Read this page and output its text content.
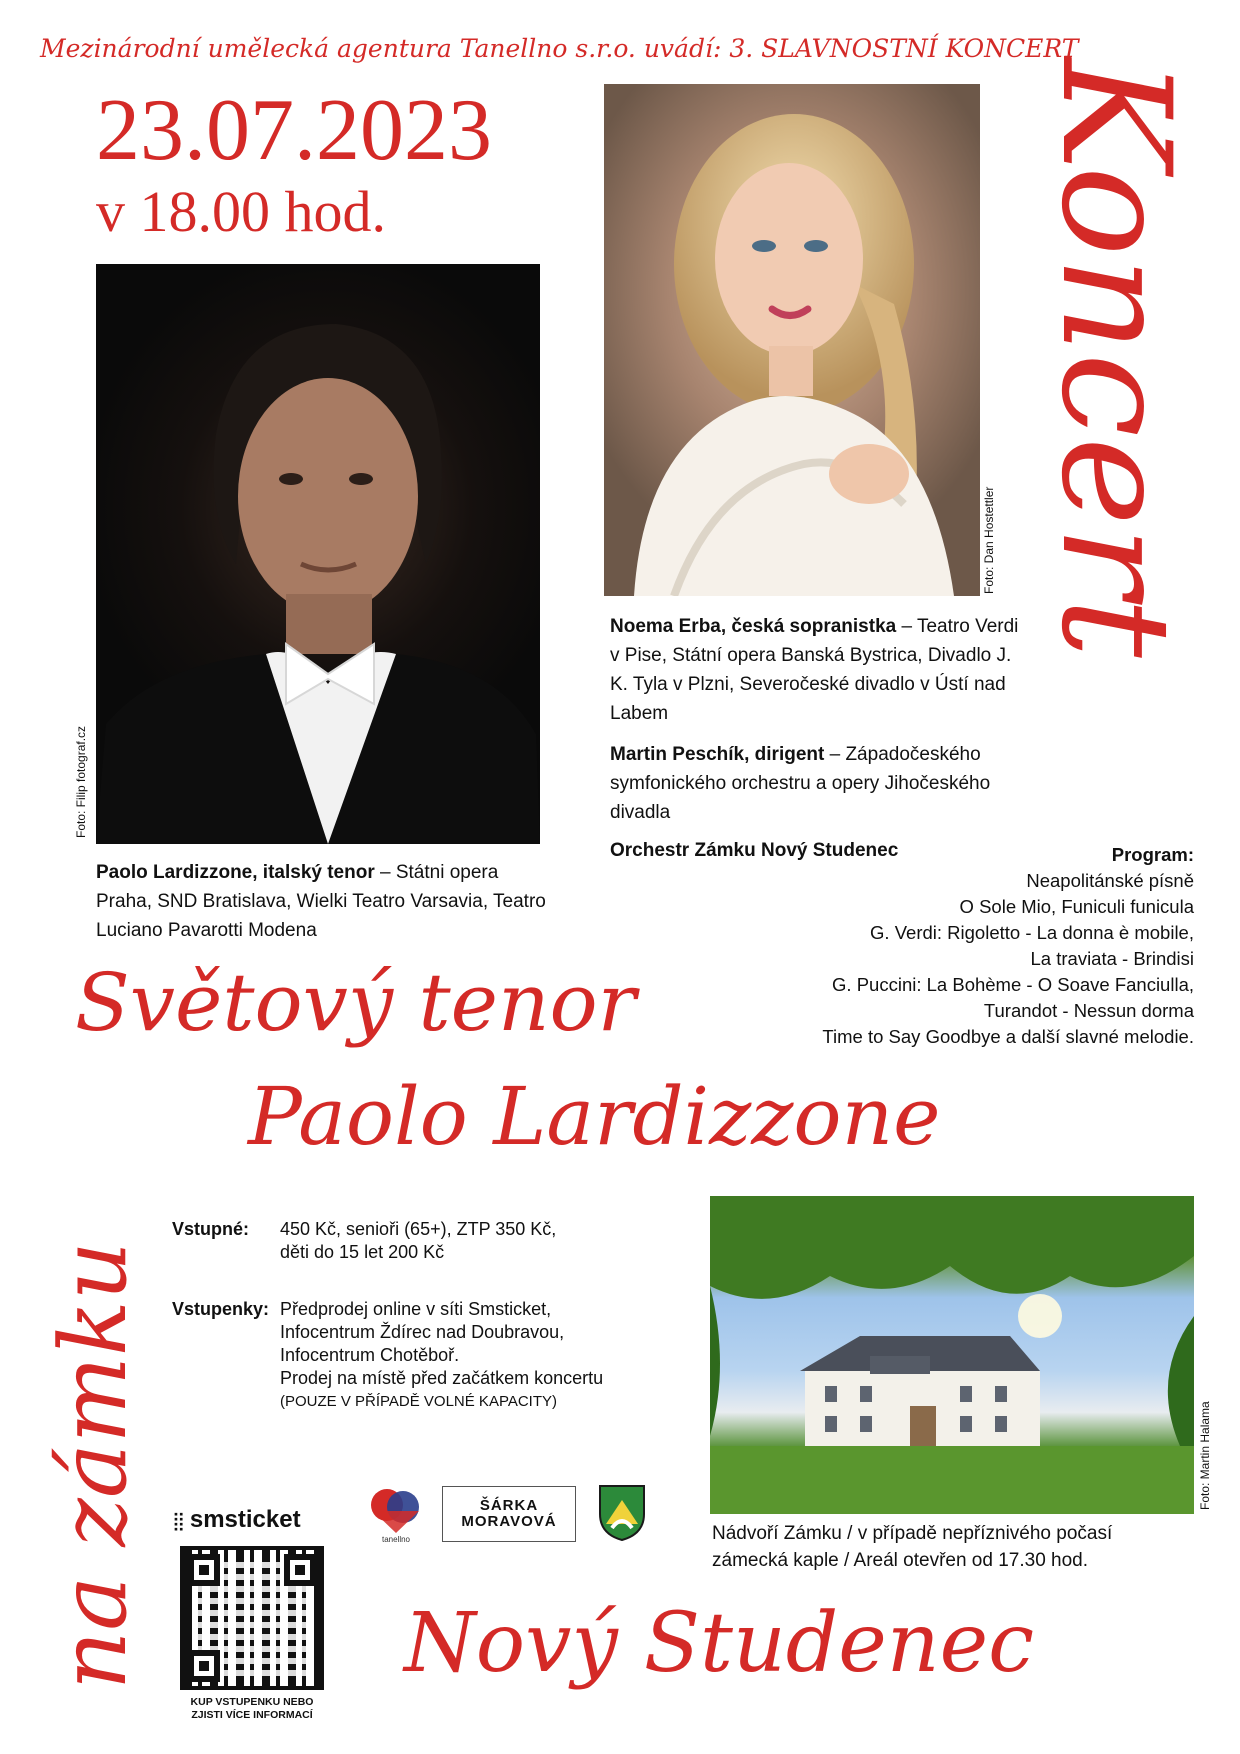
Mezinárodní umělecká agentura Tanellno s.r.o. uvádí: 3. SLAVNOSTNÍ KONCERT
23.07.2023
v 18.00 hod.	Koncert
na zámku
Foto: Dan Hostettler
Foto: Filip fotograf.cz
Paolo Lardizzone, italský tenor – Státni opera Praha, SND Bratislava, Wielki Teatro Varsavia, Teatro Luciano Pavarotti Modena
Noema Erba, česká sopranistka – Teatro Verdi v Pise, Státní opera Banská Bystrica, Divadlo J. K. Tyla v Plzni, Severočeské divadlo v Ústí nad Labem
Martin Peschík, dirigent – Západočeského symfonického orchestru a opery Jihočeského divadla
Orchestr Zámku Nový Studenec	Program:
Neapolitánské písně
O Sole Mio, Funiculi funicula
G. Verdi: Rigoletto - La donna è mobile,
La traviata - Brindisi
G. Puccini: La Bohème - O Soave Fanciulla,
Turandot - Nessun dorma
Time to Say Goodbye a další slavné melodie.
Světový tenor
Paolo Lardizzone
Vstupné: 450 Kč, senioři (65+), ZTP 350 Kč,
děti do 15 let 200 Kč
Vstupenky: Předprodej online v síti Smsticket,
Infocentrum Ždírec nad Doubravou,
Infocentrum Chotěboř.
Prodej na místě před začátkem koncertu
(POUZE V PŘÍPADĚ VOLNÉ KAPACITY)	Foto: Martin Halama
Nádvoří Zámku / v případě nepříznivého počasí
zámecká kaple / Areál otevřen od 17.30 hod.
Nový Studenec
⣿ smsticket
KUP VSTUPENKU NEBO
ZJISTI VÍCE INFORMACÍ
tanellno
ŠÁRKA
MORAVOVÁ
